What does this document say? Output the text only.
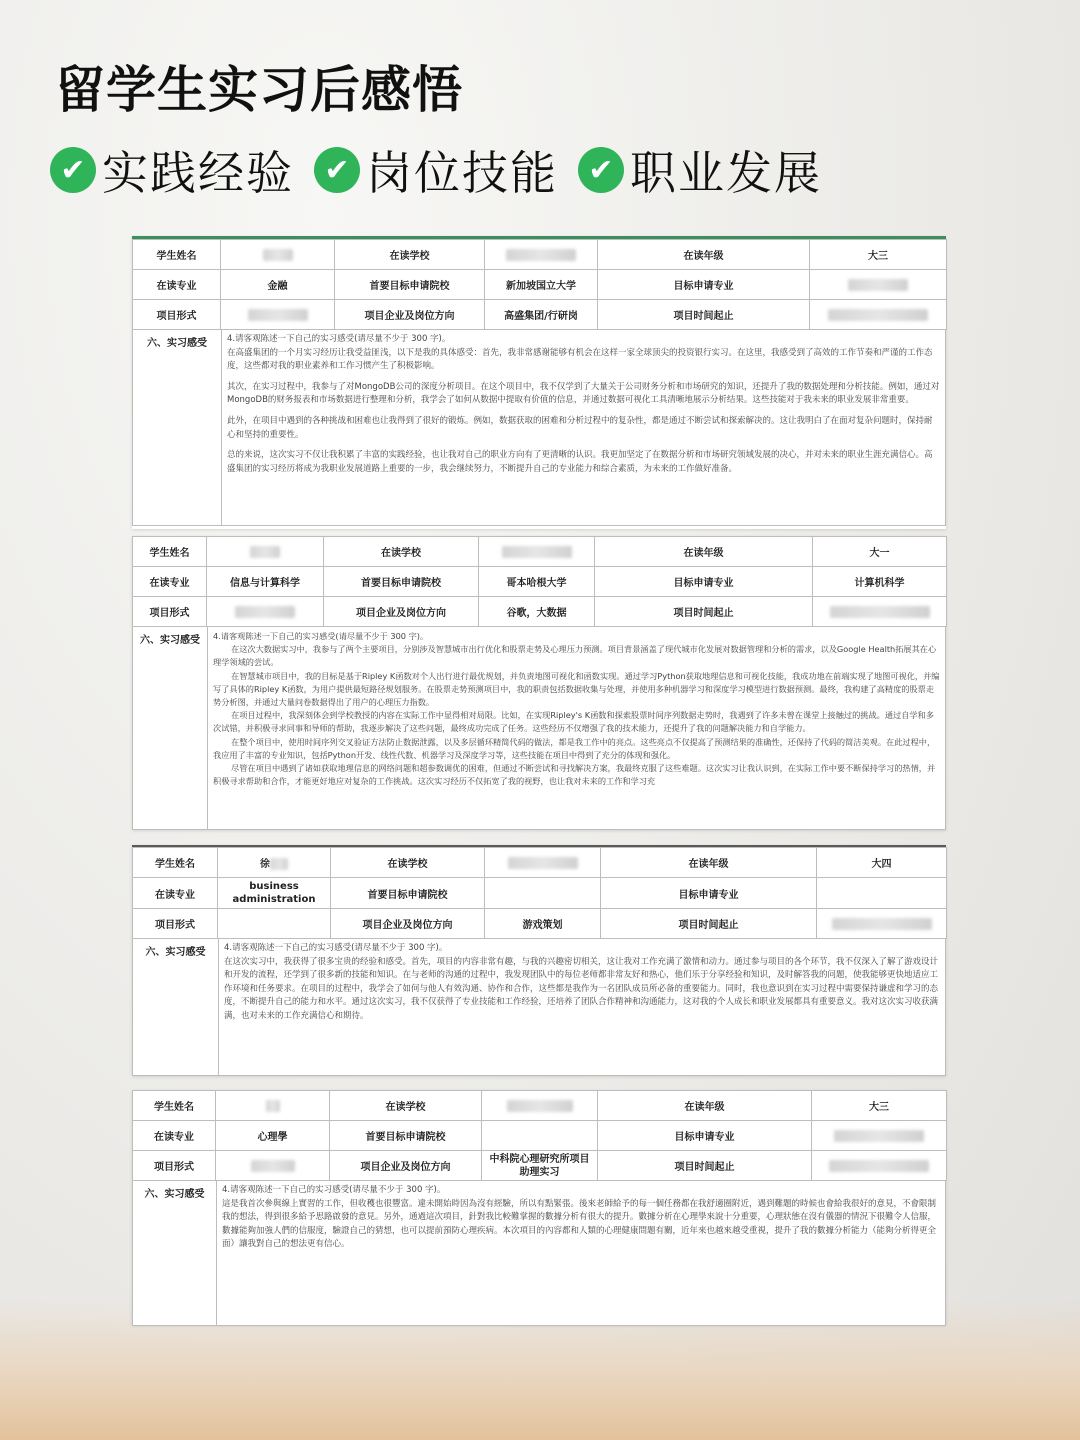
留学生实习后感悟
✔ 实践经验	✔ 岗位技能	✔ 职业发展
学生姓名		在读学校		在读年级	大三
在读专业	金融	首要目标申请院校	新加坡国立大学	目标申请专业	
项目形式		项目企业及岗位方向	高盛集团/行研岗	项目时间起止	
六、实习感受	4.请客观陈述一下自己的实习感受(请尽量不少于 300 字)。

在高盛集团的一个月实习经历让我受益匪浅，以下是我的具体感受：首先，我非常感谢能够有机会在这样一家全球顶尖的投资银行实习。在这里，我感受到了高效的工作节奏和严谨的工作态度，这些都对我的职业素养和工作习惯产生了积极影响。

其次，在实习过程中，我参与了对MongoDB公司的深度分析项目。在这个项目中，我不仅学到了大量关于公司财务分析和市场研究的知识，还提升了我的数据处理和分析技能。例如，通过对MongoDB的财务报表和市场数据进行整理和分析，我学会了如何从数据中提取有价值的信息，并通过数据可视化工具清晰地展示分析结果。这些技能对于我未来的职业发展非常重要。

此外，在项目中遇到的各种挑战和困难也让我得到了很好的锻炼。例如，数据获取的困难和分析过程中的复杂性，都是通过不断尝试和探索解决的。这让我明白了在面对复杂问题时，保持耐心和坚持的重要性。

总的来说，这次实习不仅让我积累了丰富的实践经验，也让我对自己的职业方向有了更清晰的认识。我更加坚定了在数据分析和市场研究领域发展的决心，并对未来的职业生涯充满信心。高盛集团的实习经历将成为我职业发展道路上重要的一步，我会继续努力，不断提升自己的专业能力和综合素质，为未来的工作做好准备。

学生姓名		在读学校		在读年级	大一
在读专业	信息与计算科学	首要目标申请院校	哥本哈根大学	目标申请专业	计算机科学
项目形式		项目企业及岗位方向	谷歌，大数据	项目时间起止	
六、实习感受	4.请客观陈述一下自己的实习感受(请尽量不少于 300 字)。

在这次大数据实习中，我参与了两个主要项目，分别涉及智慧城市出行优化和股票走势及心理压力预测。项目背景涵盖了现代城市化发展对数据管理和分析的需求，以及Google Health拓展其在心理学领域的尝试。

在智慧城市项目中，我的目标是基于Ripley K函数对个人出行进行最优规划，并负责地图可视化和函数实现。通过学习Python获取地理信息和可视化技能，我成功地在前端实现了地图可视化，并编写了具体的Ripley K函数，为用户提供最短路径规划服务。在股票走势预测项目中，我的职责包括数据收集与处理，并使用多种机器学习和深度学习模型进行数据预测。最终，我构建了高精度的股票走势分析图，并通过大量问卷数据得出了用户的心理压力指数。

在项目过程中，我深刻体会到学校教授的内容在实际工作中显得相对局限。比如，在实现Ripley's K函数和探索股票时间序列数据走势时，我遇到了许多未曾在课堂上接触过的挑战。通过自学和多次试错，并积极寻求同事和导师的帮助，我逐步解决了这些问题，最终成功完成了任务。这些经历不仅增强了我的技术能力，还提升了我的问题解决能力和自学能力。

在整个项目中，使用时间序列交叉验证方法防止数据泄露，以及多层循环精简代码的做法，都是我工作中的亮点。这些亮点不仅提高了预测结果的准确性，还保持了代码的简洁美观。在此过程中，我应用了丰富的专业知识，包括Python开发、线性代数、机器学习及深度学习等，这些技能在项目中得到了充分的体现和强化。

尽管在项目中遇到了诸如获取地理信息的网络问题和超参数调优的困难，但通过不断尝试和寻找解决方案，我最终克服了这些难题。这次实习让我认识到，在实际工作中要不断保持学习的热情，并积极寻求帮助和合作，才能更好地应对复杂的工作挑战。这次实习经历不仅拓宽了我的视野，也让我对未来的工作和学习充

学生姓名	徐	在读学校		在读年级	大四
在读专业	business administration	首要目标申请院校		目标申请专业	
项目形式		项目企业及岗位方向	游戏策划	项目时间起止	
六、实习感受	4.请客观陈述一下自己的实习感受(请尽量不少于 300 字)。

在这次实习中，我获得了很多宝贵的经验和感受。首先，项目的内容非常有趣，与我的兴趣密切相关，这让我对工作充满了激情和动力。通过参与项目的各个环节，我不仅深入了解了游戏设计和开发的流程，还学到了很多新的技能和知识。在与老师的沟通的过程中，我发现团队中的每位老师都非常友好和热心，他们乐于分享经验和知识，及时解答我的问题，使我能够更快地适应工作环境和任务要求。在项目的过程中，我学会了如何与他人有效沟通、协作和合作，这些都是我作为一名团队成员所必备的重要能力。同时，我也意识到在实习过程中需要保持谦虚和学习的态度，不断提升自己的能力和水平。通过这次实习，我不仅获得了专业技能和工作经验，还培养了团队合作精神和沟通能力，这对我的个人成长和职业发展都具有重要意义。我对这次实习收获满满，也对未来的工作充满信心和期待。

学生姓名		在读学校		在读年级	大三
在读专业	心理學	首要目标申请院校		目标申请专业	
项目形式		项目企业及岗位方向	中科院心理研究所项目助理实习	项目时间起止	
六、实习感受	4.请客观陈述一下自己的实习感受(请尽量不少于 300 字)。

這是我首次參與線上實習的工作，但收穫也很豐富。違未開始時因為沒有經驗，所以有點緊張。後來老師給予的每一個任務都在我舒適圈附近，遇到難題的時候也會給我很好的意見，不會限制我的想法，得到很多給予思路啟發的意見。另外，通過這次項目，針對我比較難掌握的數據分析有很大的提升。數據分析在心理學來說十分重要，心理狀態在沒有儀器的情況下很難令人信服，數據能夠加強人們的信服度，驗證自己的猜想，也可以提前預防心理疾病。本次項目的內容都和人類的心理健康問題有關，近年來也越來越受重視，提升了我的數據分析能力（能夠分析得更全面）讓我對自己的想法更有信心。
